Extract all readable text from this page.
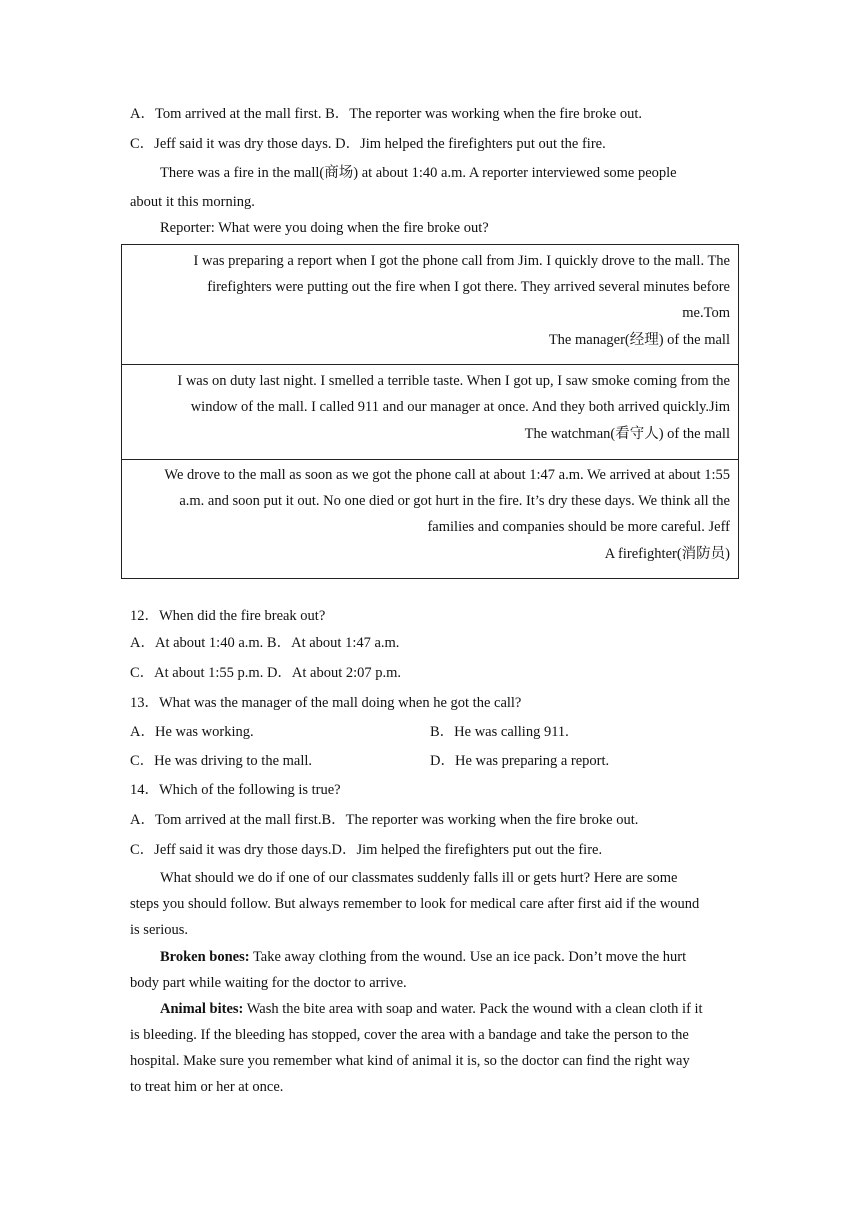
A．Tom arrived at the mall first. B．The reporter was working when the fire broke out.
C．Jeff said it was dry those days. D．Jim helped the firefighters put out the fire.
There was a fire in the mall(商场) at about 1:40 a.m. A reporter interviewed some people
about it this morning.
Reporter: What were you doing when the fire broke out?
I was preparing a report when I got the phone call from Jim. I quickly drove to the mall. The
firefighters were putting out the fire when I got there. They arrived several minutes before
me.Tom
The manager(经理) of the mall
I was on duty last night. I smelled a terrible taste. When I got up, I saw smoke coming from the
window of the mall. I called 911 and our manager at once. And they both arrived quickly.Jim
The watchman(看守人) of the mall
We drove to the mall as soon as we got the phone call at about 1:47 a.m. We arrived at about 1:55
a.m. and soon put it out. No one died or got hurt in the fire. It’s dry these days. We think all the
families and companies should be more careful. Jeff
A firefighter(消防员)
12．When did the fire break out?
A．At about 1:40 a.m. B．At about 1:47 a.m.
C．At about 1:55 p.m. D．At about 2:07 p.m.
13．What was the manager of the mall doing when he got the call?
A．He was working.	B．He was calling 911.
C．He was driving to the mall.	D．He was preparing a report.
14．Which of the following is true?
A．Tom arrived at the mall first.B．The reporter was working when the fire broke out.
C．Jeff said it was dry those days.D．Jim helped the firefighters put out the fire.
What should we do if one of our classmates suddenly falls ill or gets hurt? Here are some
steps you should follow. But always remember to look for medical care after first aid if the wound
is serious.
Broken bones: Take away clothing from the wound. Use an ice pack. Don’t move the hurt
body part while waiting for the doctor to arrive.
Animal bites: Wash the bite area with soap and water. Pack the wound with a clean cloth if it
is bleeding. If the bleeding has stopped, cover the area with a bandage and take the person to the
hospital. Make sure you remember what kind of animal it is, so the doctor can find the right way
to treat him or her at once.
